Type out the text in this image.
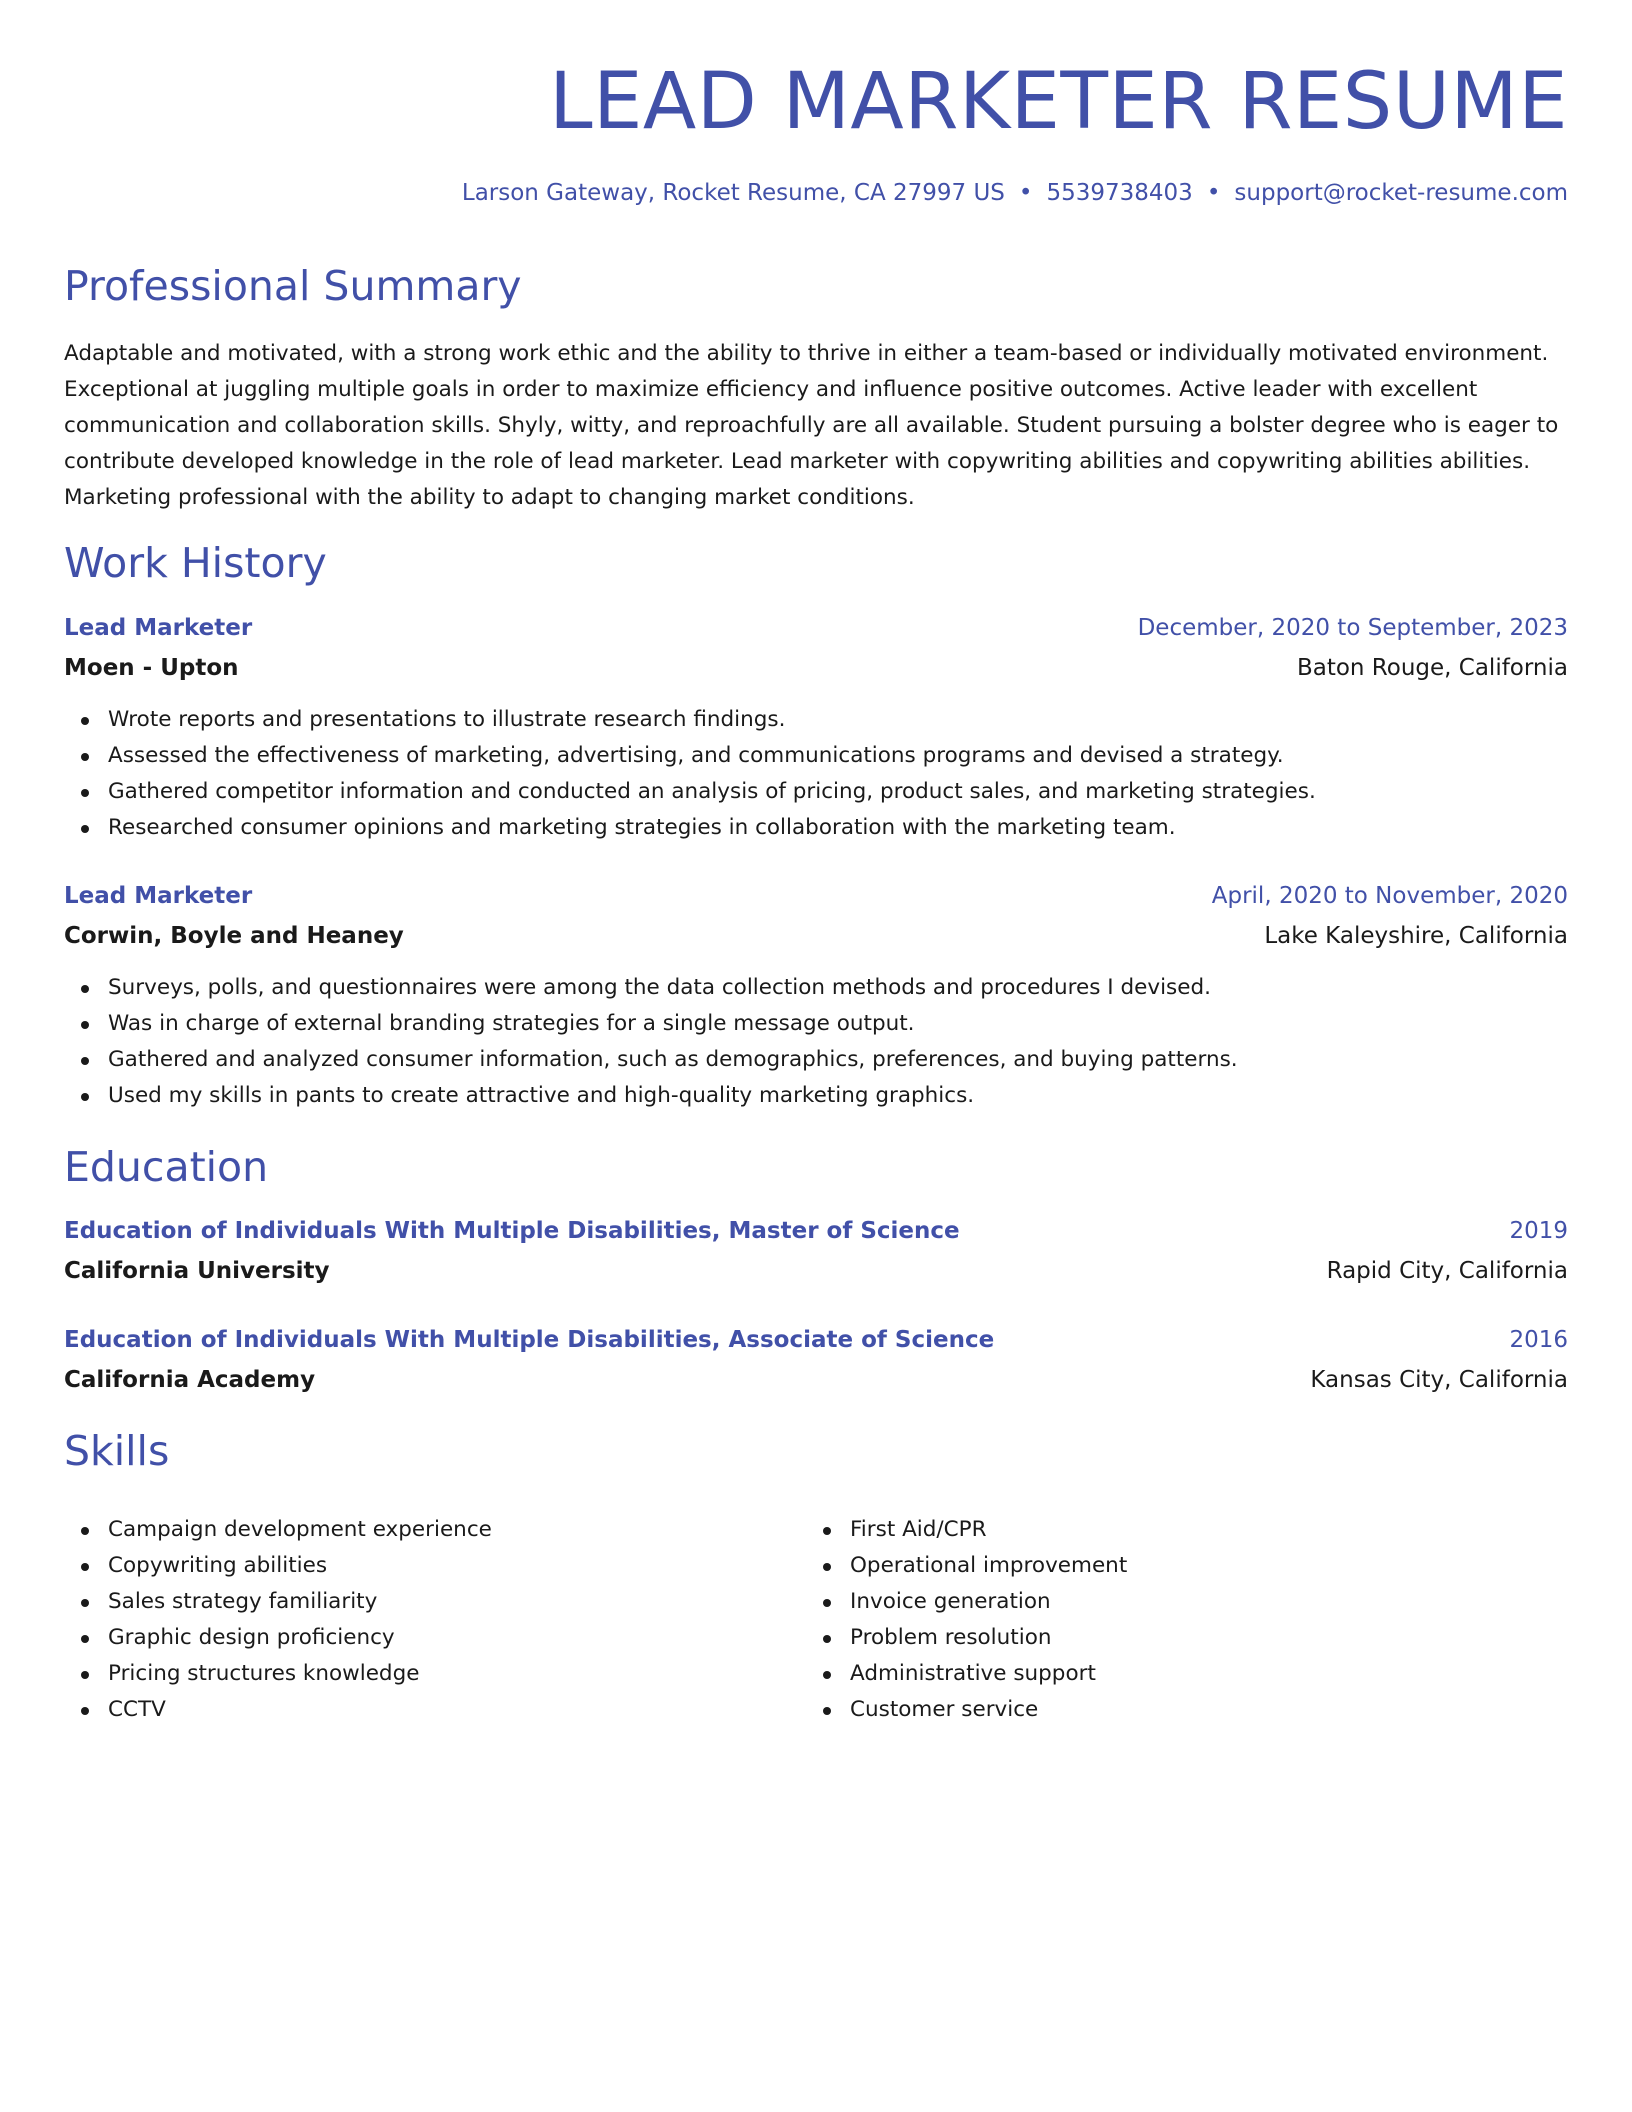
LEAD MARKETER RESUME
Larson Gateway, Rocket Resume, CA 27997 US • 5539738403 • support@rocket-resume.com
Professional Summary

Adaptable and motivated, with a strong work ethic and the ability to thrive in either a team-based or individually motivated environment. Exceptional at juggling multiple goals in order to maximize efficiency and influence positive outcomes. Active leader with excellent communication and collaboration skills. Shyly, witty, and reproachfully are all available. Student pursuing a bolster degree who is eager to contribute developed knowledge in the role of lead marketer. Lead marketer with copywriting abilities and copywriting abilities abilities. Marketing professional with the ability to adapt to changing market conditions.

Work History
Lead Marketer	December, 2020 to September, 2023
Moen - Upton	Baton Rouge, California
Wrote reports and presentations to illustrate research findings.
Assessed the effectiveness of marketing, advertising, and communications programs and devised a strategy.
Gathered competitor information and conducted an analysis of pricing, product sales, and marketing strategies.
Researched consumer opinions and marketing strategies in collaboration with the marketing team.
Lead Marketer	April, 2020 to November, 2020
Corwin, Boyle and Heaney	Lake Kaleyshire, California
Surveys, polls, and questionnaires were among the data collection methods and procedures I devised.
Was in charge of external branding strategies for a single message output.
Gathered and analyzed consumer information, such as demographics, preferences, and buying patterns.
Used my skills in pants to create attractive and high-quality marketing graphics.
Education
Education of Individuals With Multiple Disabilities, Master of Science	2019
California University	Rapid City, California
Education of Individuals With Multiple Disabilities, Associate of Science	2016
California Academy	Kansas City, California
Skills
Campaign development experience
Copywriting abilities
Sales strategy familiarity
Graphic design proficiency
Pricing structures knowledge
CCTV
First Aid/CPR
Operational improvement
Invoice generation
Problem resolution
Administrative support
Customer service
